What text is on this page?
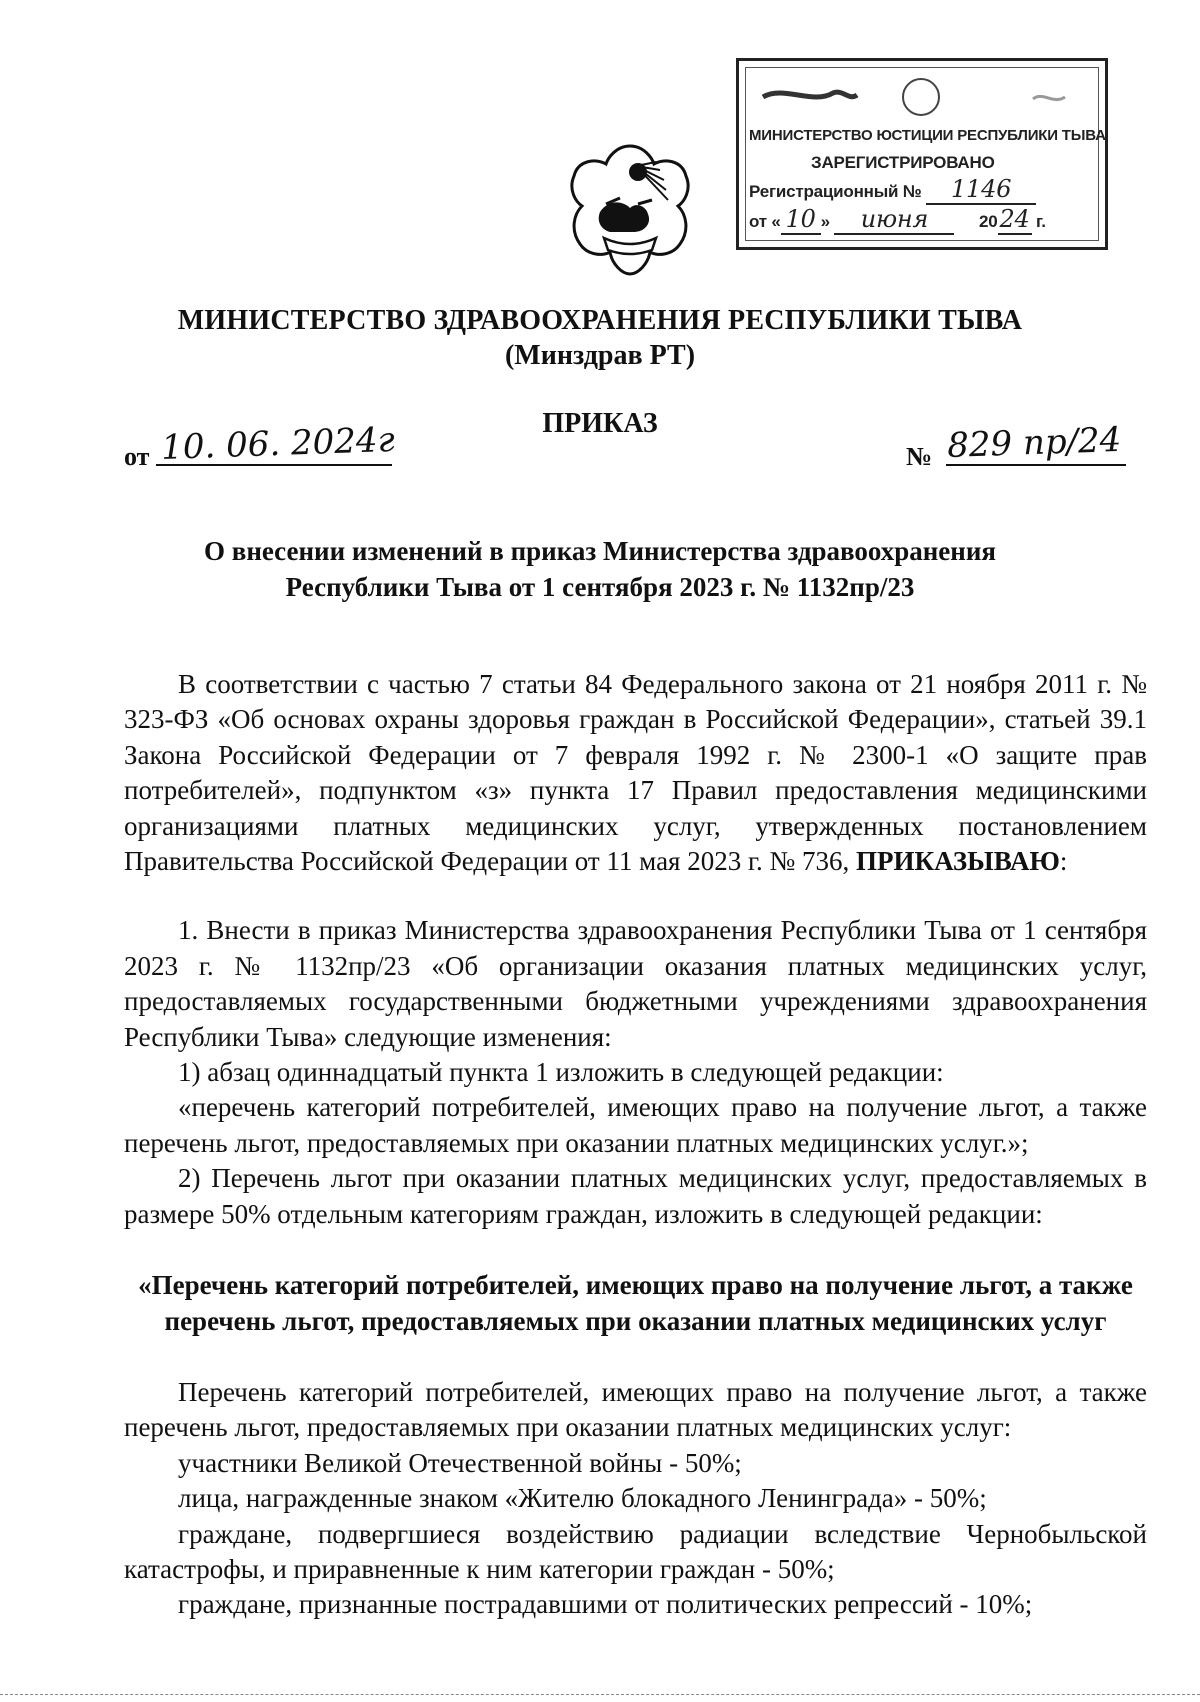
МИНИСТЕРСТВО ЮСТИЦИИ РЕСПУБЛИКИ ТЫВА
ЗАРЕГИСТРИРОВАНО
Регистрационный № 1146
от « 10 » июня	2024 г.
МИНИСТЕРСТВО ЗДРАВООХРАНЕНИЯ РЕСПУБЛИКИ ТЫВА
(Минздрав РТ)
ПРИКАЗ
от 10. 06. 2024г	№ 829 пр/24
О внесении изменений в приказ Министерства здравоохранения Республики Тыва от 1 сентября 2023 г. № 1132пр/23

В соответствии с частью 7 статьи 84 Федерального закона от 21 ноября 2011 г. № 323-ФЗ «Об основах охраны здоровья граждан в Российской Федерации», статьей 39.1 Закона Российской Федерации от 7 февраля 1992 г. № 2300-1 «О защите прав потребителей», подпунктом «з» пункта 17 Правил предоставления медицинскими организациями платных медицинских услуг, утвержденных постановлением Правительства Российской Федерации от 11 мая 2023 г. № 736, ПРИКАЗЫВАЮ:

1. Внести в приказ Министерства здравоохранения Республики Тыва от 1 сентября 2023 г. № 1132пр/23 «Об организации оказания платных медицинских услуг, предоставляемых государственными бюджетными учреждениями здравоохранения Республики Тыва» следующие изменения:

1) абзац одиннадцатый пункта 1 изложить в следующей редакции:

«перечень категорий потребителей, имеющих право на получение льгот, а также перечень льгот, предоставляемых при оказании платных медицинских услуг.»;

2) Перечень льгот при оказании платных медицинских услуг, предоставляемых в размере 50% отдельным категориям граждан, изложить в следующей редакции:

«Перечень категорий потребителей, имеющих право на получение льгот, а также перечень льгот, предоставляемых при оказании платных медицинских услуг

Перечень категорий потребителей, имеющих право на получение льгот, а также перечень льгот, предоставляемых при оказании платных медицинских услуг:

участники Великой Отечественной войны - 50%;

лица, награжденные знаком «Жителю блокадного Ленинграда» - 50%;

граждане, подвергшиеся воздействию радиации вследствие Чернобыльской катастрофы, и приравненные к ним категории граждан - 50%;

граждане, признанные пострадавшими от политических репрессий - 10%;
